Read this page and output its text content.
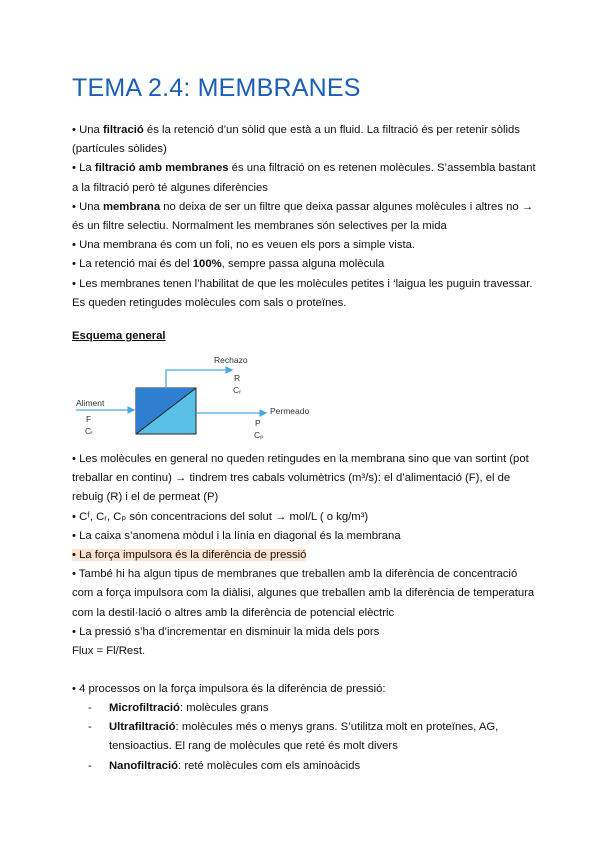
TEMA 2.4: MEMBRANES

• Una filtració és la retenció d’un sòlid que està a un fluid. La filtració és per retenir sòlids (partícules sòlides)

• La filtració amb membranes és una filtració on es retenen molècules. S’assembla bastant a la filtració però té algunes diferències

• Una membrana no deixa de ser un filtre que deixa passar algunes molècules i altres no → és un filtre selectiu. Normalment les membranes són selectives per la mida

• Una membrana és com un foli, no es veuen els pors a simple vista.

• La retenció mai és del 100%, sempre passa alguna molècula

• Les membranes tenen l’habilitat de que les molècules petites i ‘laigua les puguin travessar. Es queden retingudes molècules com sals o proteïnes.

Esquema general
Aliment
F
Cₗ
Rechazo
R
Cᵣ
Permeado
P
Cₚ

• Les molècules en general no queden retingudes en la membrana sino que van sortint (pot treballar en continu) → tindrem tres cabals volumètrics (m³/s): el d’alimentació (F), el de rebuig (R) i el de permeat (P)

• Cᶠ, Cᵣ, Cₚ són concentracions del solut → mol/L ( o kg/m³)

• La caixa s’anomena mòdul i la línia en diagonal és la membrana

• La força impulsora és la diferència de pressió

• També hi ha algun tipus de membranes que treballen amb la diferència de concentració com a força impulsora com la diàlisi, algunes que treballen amb la diferència de temperatura com la destil·lació o altres amb la diferència de potencial elèctric

• La pressió s’ha d’incrementar en disminuir la mida dels pors

Flux = Fl/Rest.

• 4 processos on la força impulsora és la diferència de pressió:
- Microfiltració: molècules grans
- Ultrafiltració: molècules més o menys grans. S’utilitza molt en proteïnes, AG, tensioactius. El rang de molècules que reté és molt divers
- Nanofiltració: reté molècules com els aminoàcids
